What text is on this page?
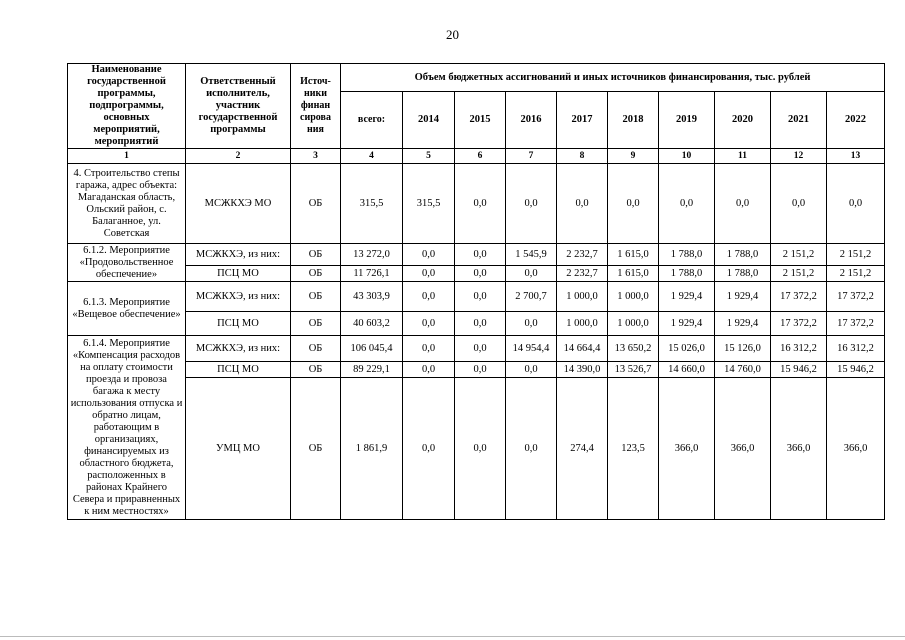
20
Наименование государственной программы, подпрограммы, основных мероприятий, мероприятий	Ответственный исполнитель, участник государственной программы	Источ-ники финан сирова ния	Объем бюджетных ассигнований и иных источников финансирования, тыс. рублей									
			всего:	2014	2015	2016	2017	2018	2019	2020	2021	2022
1	2	3	4	5	6	7	8	9	10	11	12	13
4. Строительство степы гаража, адрес объекта: Магаданская область, Ольский район, с. Балаганное, ул. Советская	МСЖКХЭ МО	ОБ	315,5	315,5	0,0	0,0	0,0	0,0	0,0	0,0	0,0	0,0
6.1.2. Мероприятие «Продовольственное обеспечение»	МСЖКХЭ, из них:	ОБ	13 272,0	0,0	0,0	1 545,9	2 232,7	1 615,0	1 788,0	1 788,0	2 151,2	2 151,2
	ПСЦ МО	ОБ	11 726,1	0,0	0,0	0,0	2 232,7	1 615,0	1 788,0	1 788,0	2 151,2	2 151,2
6.1.3. Мероприятие «Вещевое обеспечение»	МСЖКХЭ, из них:	ОБ	43 303,9	0,0	0,0	2 700,7	1 000,0	1 000,0	1 929,4	1 929,4	17 372,2	17 372,2
	ПСЦ МО	ОБ	40 603,2	0,0	0,0	0,0	1 000,0	1 000,0	1 929,4	1 929,4	17 372,2	17 372,2
6.1.4. Мероприятие «Компенсация расходов на оплату стоимости проезда и провоза багажа к месту использования отпуска и обратно лицам, работающим в организациях, финансируемых из областного бюджета, расположенных в районах Крайнего Севера и приравненных к ним местностях»	МСЖКХЭ, из них:	ОБ	106 045,4	0,0	0,0	14 954,4	14 664,4	13 650,2	15 026,0	15 126,0	16 312,2	16 312,2
	ПСЦ МО	ОБ	89 229,1	0,0	0,0	0,0	14 390,0	13 526,7	14 660,0	14 760,0	15 946,2	15 946,2
	УМЦ МО	ОБ	1 861,9	0,0	0,0	0,0	274,4	123,5	366,0	366,0	366,0	366,0
